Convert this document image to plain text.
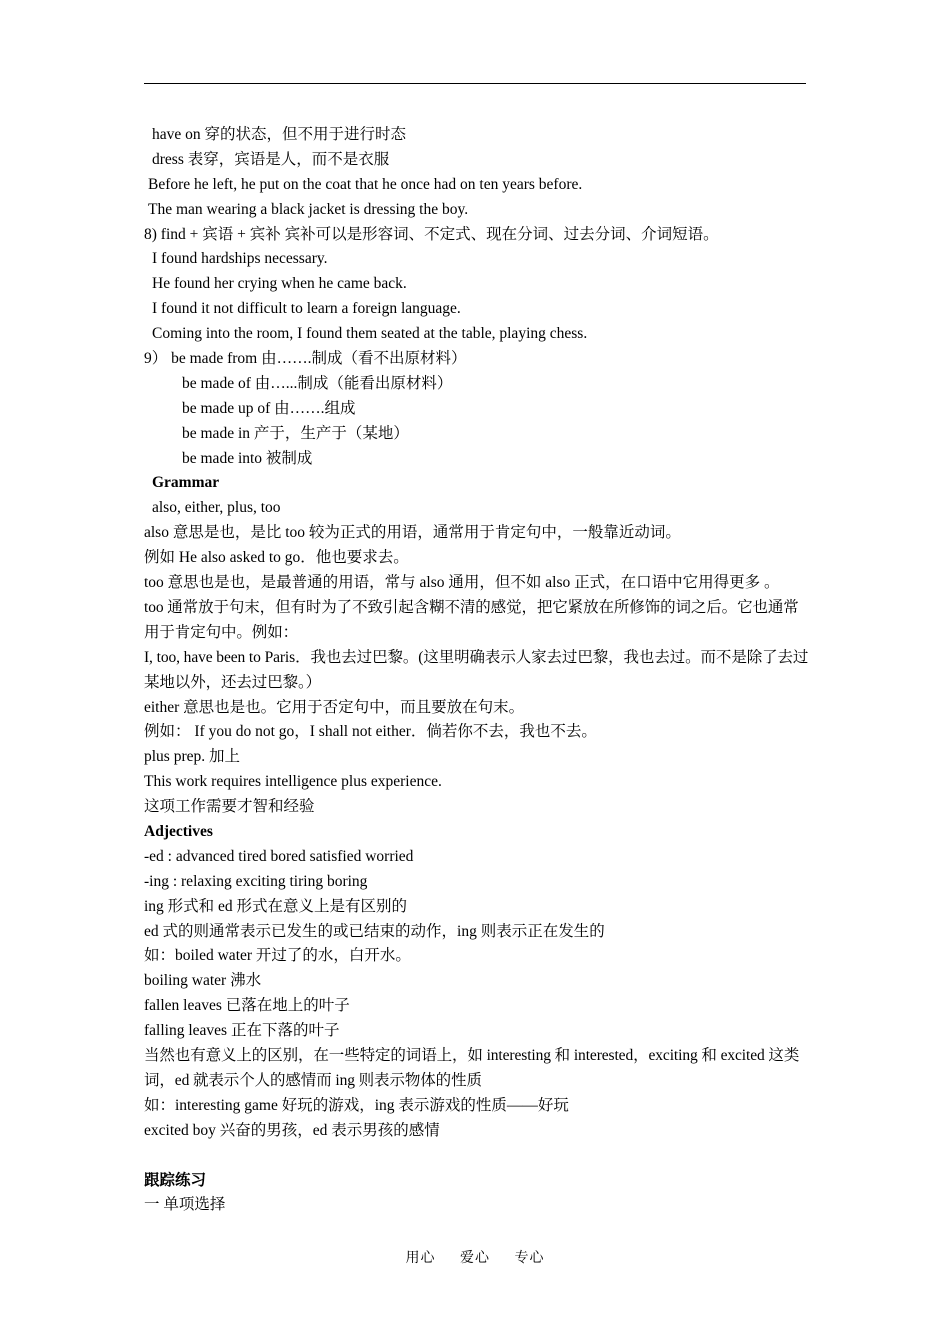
have on 穿的状态，但不用于进行时态
dress 表穿，宾语是人，而不是衣服
Before he left, he put on the coat that he once had on ten years before.
The man wearing a black jacket is dressing the boy.
8) find + 宾语 + 宾补 宾补可以是形容词、不定式、现在分词、过去分词、介词短语。
I found hardships necessary.
He found her crying when he came back.
I found it not difficult to learn a foreign language.
Coming into the room, I found them seated at the table, playing chess.
9） be made from 由…….制成（看不出原材料）
be made of 由…...制成（能看出原材料）
be made up of 由…….组成
be made in 产于，生产于（某地）
be made into 被制成
Grammar
also, either, plus, too
also 意思是也，是比 too 较为正式的用语，通常用于肯定句中，一般靠近动词。
例如 He also asked to go．他也要求去。
too 意思也是也，是最普通的用语，常与 also 通用，但不如 also 正式，在口语中它用得更多 。
too 通常放于句末，但有时为了不致引起含糊不清的感觉，把它紧放在所修饰的词之后。它也通常用于肯定句中。例如：
I, too, have been to Paris．我也去过巴黎。(这里明确表示人家去过巴黎，我也去过。而不是除了去过某地以外，还去过巴黎。）
either 意思也是也。它用于否定句中，而且要放在句末。
例如： If you do not go，I shall not either．倘若你不去，我也不去。
plus prep. 加上
This work requires intelligence plus experience.
这项工作需要才智和经验
Adjectives
-ed : advanced tired bored satisfied worried
-ing : relaxing exciting tiring boring
ing 形式和 ed 形式在意义上是有区别的
ed 式的则通常表示已发生的或已结束的动作，ing 则表示正在发生的
如：boiled water 开过了的水，白开水。
boiling water 沸水
fallen leaves 已落在地上的叶子
falling leaves 正在下落的叶子
当然也有意义上的区别，在一些特定的词语上，如 interesting 和 interested，exciting 和 excited 这类词，ed 就表示个人的感情而 ing 则表示物体的性质
如：interesting game 好玩的游戏，ing 表示游戏的性质——好玩
excited boy 兴奋的男孩，ed 表示男孩的感情
跟踪练习
一 单项选择
用心 爱心 专心
